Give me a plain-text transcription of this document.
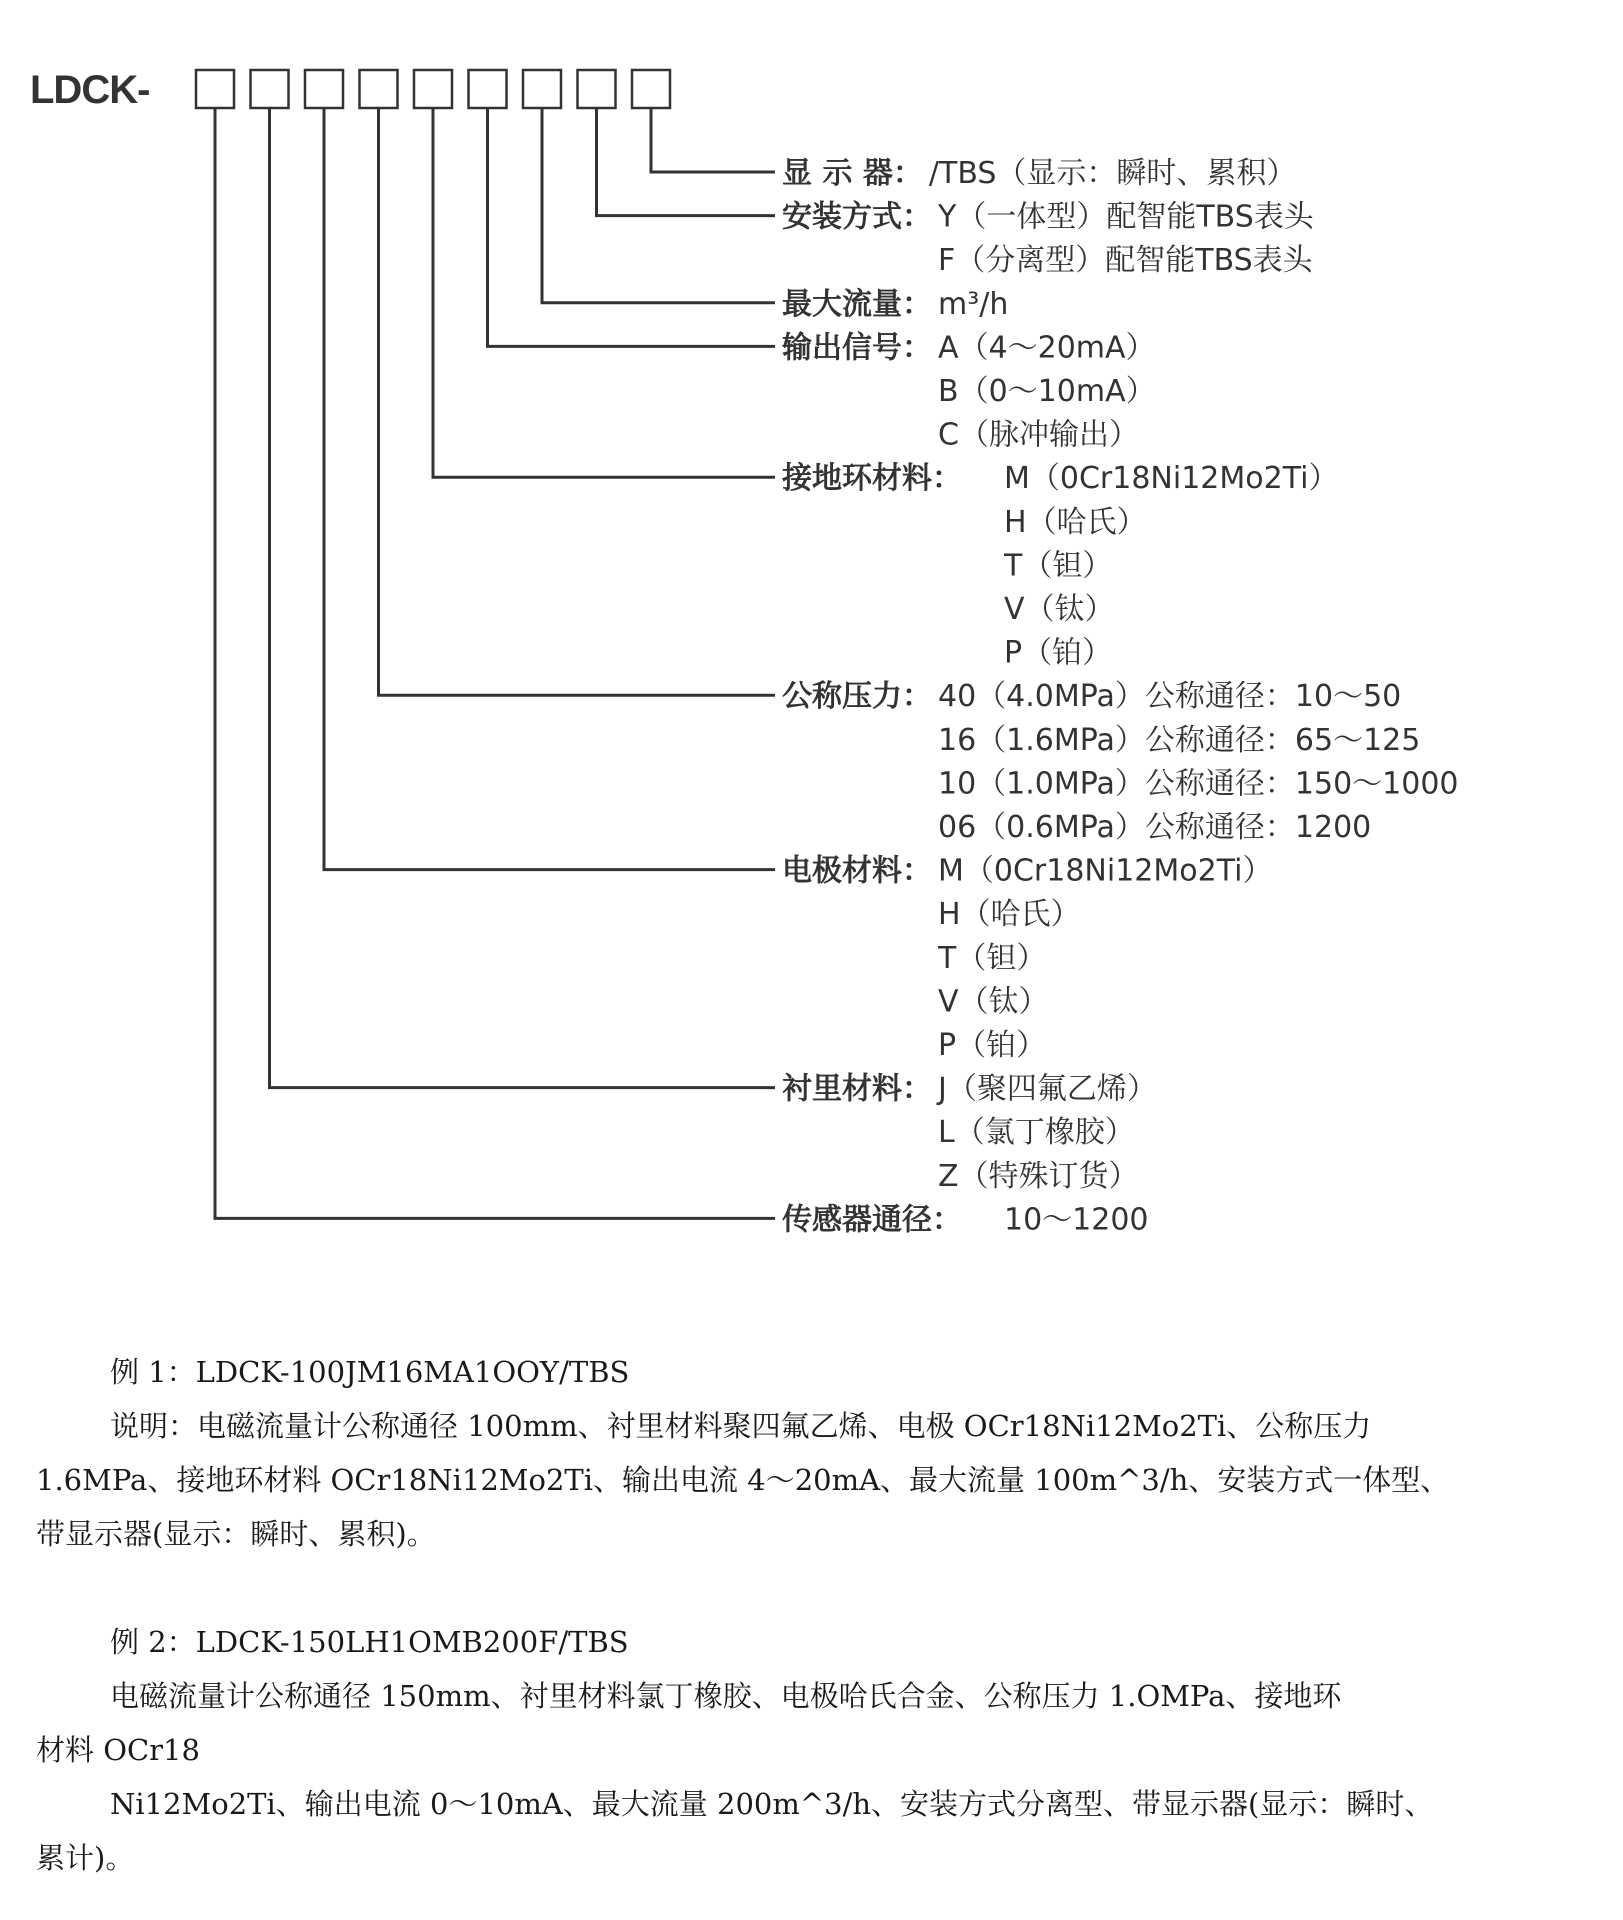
LDCK-
显 示 器： /TBS（显示：瞬时、累积）
安装方式： Y（一体型）配智能TBS表头
F（分离型）配智能TBS表头
最大流量： m³/h
输出信号： A（4～20mA）
B（0～10mA）
C（脉冲输出）
接地环材料： M（0Cr18Ni12Mo2Ti）
H（哈氏）
T（钽）
V（钛）
P（铂）
公称压力： 40（4.0MPa）公称通径：10～50
16（1.6MPa）公称通径：65～125
10（1.0MPa）公称通径：150～1000
06（0.6MPa）公称通径：1200
电极材料： M（0Cr18Ni12Mo2Ti）
H（哈氏）
T（钽）
V（钛）
P（铂）
衬里材料： J（聚四氟乙烯）
L（氯丁橡胶）
Z（特殊订货）
传感器通径： 10～1200

例 1：LDCK-100JM16MA1OOY/TBS

说明：电磁流量计公称通径 100mm、衬里材料聚四氟乙烯、电极 OCr18Ni12Mo2Ti、公称压力

1.6MPa、接地环材料 OCr18Ni12Mo2Ti、输出电流 4～20mA、最大流量 100m^3/h、安装方式一体型、

带显示器(显示：瞬时、累积)。

例 2：LDCK-150LH1OMB200F/TBS

电磁流量计公称通径 150mm、衬里材料氯丁橡胶、电极哈氏合金、公称压力 1.OMPa、接地环

材料 OCr18

Ni12Mo2Ti、输出电流 0～10mA、最大流量 200m^3/h、安装方式分离型、带显示器(显示：瞬时、

累计)。
